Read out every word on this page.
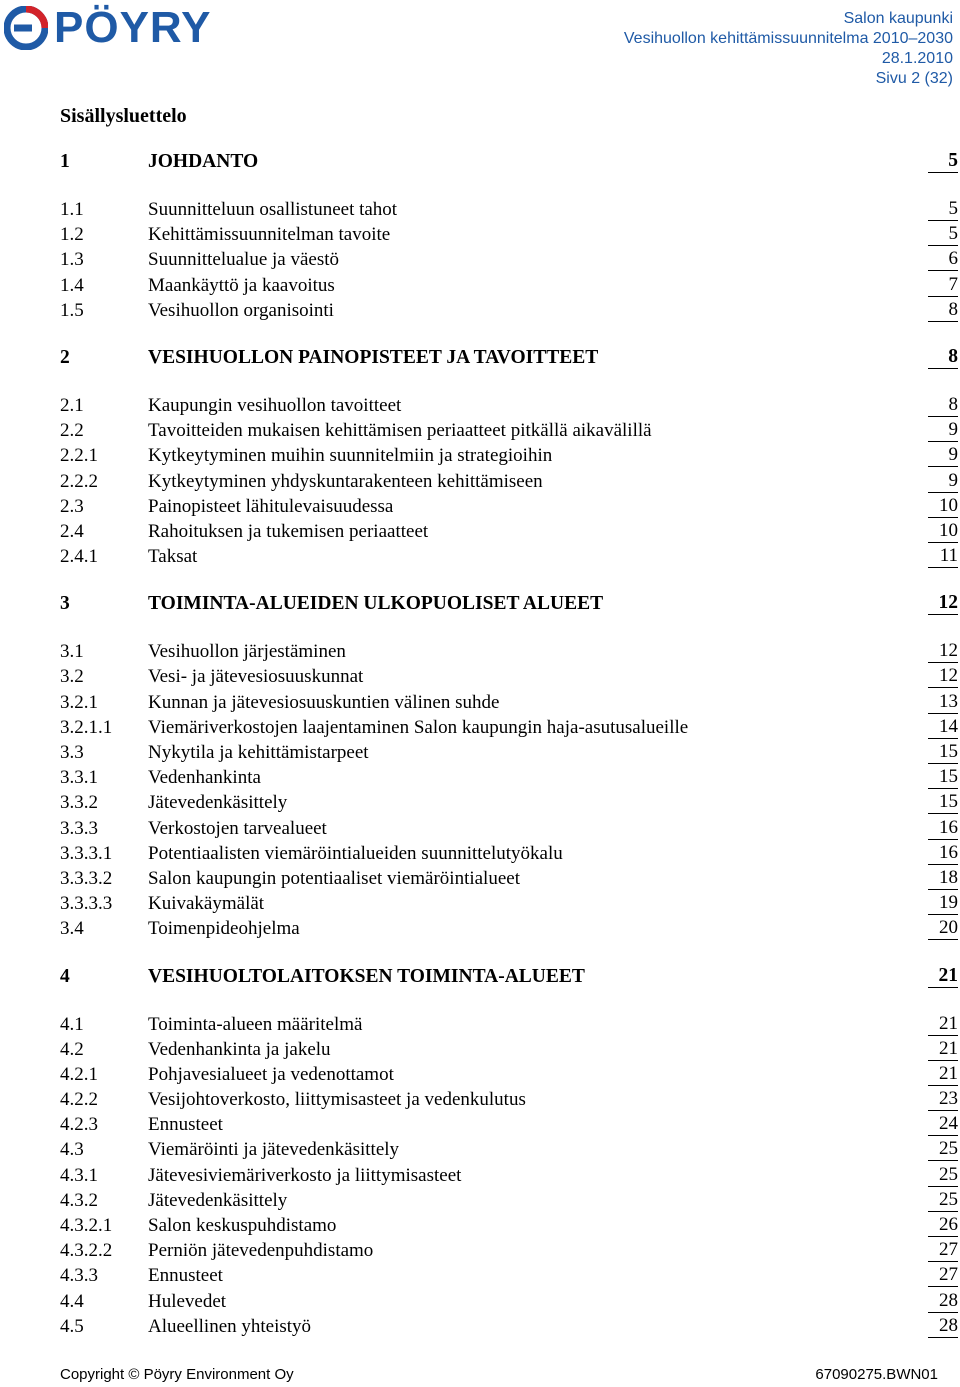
PÖYRY	Salon kaupunki
Vesihuollon kehittämissuunnitelma 2010–2030
28.1.2010
Sivu 2 (32)
Sisällysluettelo
1	JOHDANTO	5
1.1	Suunnitteluun osallistuneet tahot	5
1.2	Kehittämissuunnitelman tavoite	5
1.3	Suunnittelualue ja väestö	6
1.4	Maankäyttö ja kaavoitus	7
1.5	Vesihuollon organisointi	8
2	VESIHUOLLON PAINOPISTEET JA TAVOITTEET	8
2.1	Kaupungin vesihuollon tavoitteet	8
2.2	Tavoitteiden mukaisen kehittämisen periaatteet pitkällä aikavälillä	9
2.2.1	Kytkeytyminen muihin suunnitelmiin ja strategioihin	9
2.2.2	Kytkeytyminen yhdyskuntarakenteen kehittämiseen	9
2.3	Painopisteet lähitulevaisuudessa	10
2.4	Rahoituksen ja tukemisen periaatteet	10
2.4.1	Taksat	11
3	TOIMINTA-ALUEIDEN ULKOPUOLISET ALUEET	12
3.1	Vesihuollon järjestäminen	12
3.2	Vesi- ja jätevesiosuuskunnat	12
3.2.1	Kunnan ja jätevesiosuuskuntien välinen suhde	13
3.2.1.1 Viemäriverkostojen laajentaminen Salon kaupungin haja-asutusalueille	14
3.3	Nykytila ja kehittämistarpeet	15
3.3.1	Vedenhankinta	15
3.3.2	Jätevedenkäsittely	15
3.3.3	Verkostojen tarvealueet	16
3.3.3.1 Potentiaalisten viemäröintialueiden suunnittelutyökalu	16
3.3.3.2 Salon kaupungin potentiaaliset viemäröintialueet	18
3.3.3.3 Kuivakäymälät	19
3.4	Toimenpideohjelma	20
4	VESIHUOLTOLAITOKSEN TOIMINTA-ALUEET	21
4.1	Toiminta-alueen määritelmä	21
4.2	Vedenhankinta ja jakelu	21
4.2.1	Pohjavesialueet ja vedenottamot	21
4.2.2	Vesijohtoverkosto, liittymisasteet ja vedenkulutus	23
4.2.3	Ennusteet	24
4.3	Viemäröinti ja jätevedenkäsittely	25
4.3.1	Jätevesiviemäriverkosto ja liittymisasteet	25
4.3.2	Jätevedenkäsittely	25
4.3.2.1 Salon keskuspuhdistamo	26
4.3.2.2 Perniön jätevedenpuhdistamo	27
4.3.3	Ennusteet	27
4.4	Hulevedet	28
4.5	Alueellinen yhteistyö	28
Copyright © Pöyry Environment Oy	67090275.BWN01
